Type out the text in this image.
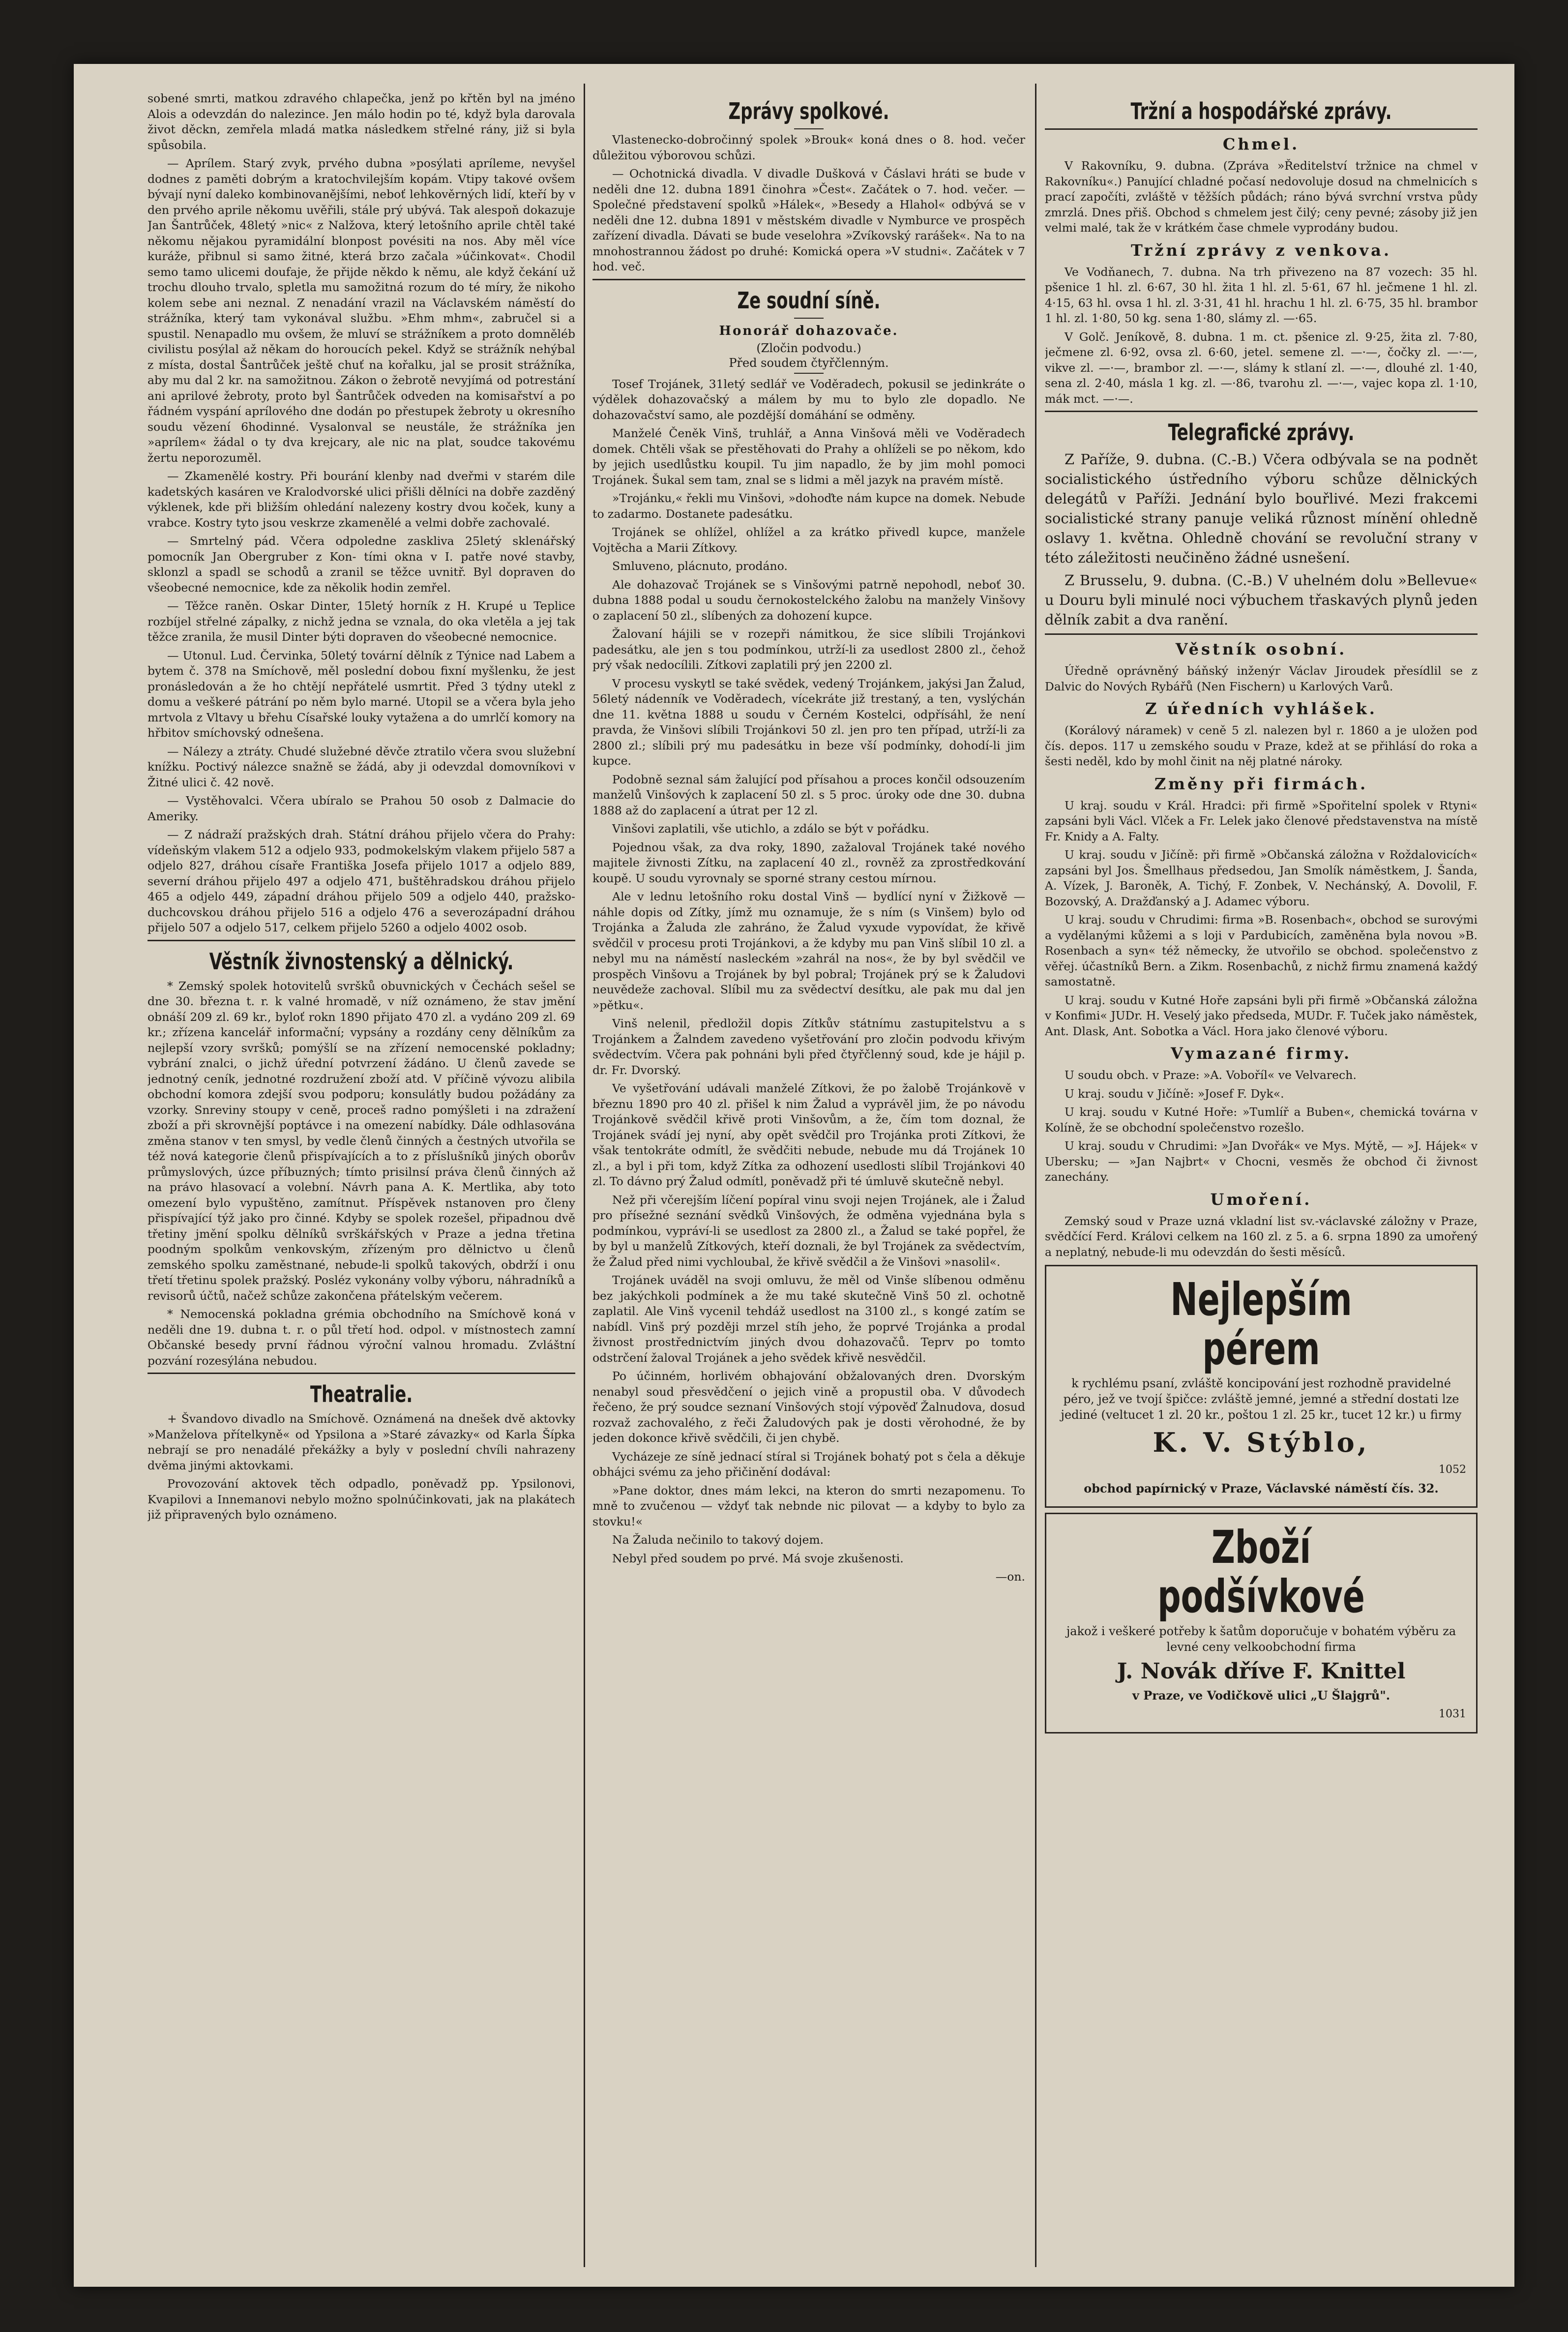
sobené smrti, matkou zdravého chlapečka, jenž po křtěn byl na jméno Alois a odevzdán do nalezince. Jen málo hodin po té, když byla darovala život děckn, zemřela mladá matka následkem střelné rány, již si byla spůsobila.

— Aprílem. Starý zvyk, prvého dubna »posýlati apríleme, nevyšel dodnes z paměti dobrým a kratochvilejším kopám. Vtipy takové ovšem bývají nyní daleko kombinovanějšími, neboť lehkověrných lidí, kteří by v den prvého aprile někomu uvěřili, stále prý ubývá. Tak alespoň dokazuje Jan Šantrůček, 48letý »nic« z Nalžova, který letošního aprile chtěl také někomu nějakou pyramidální blonpost povésiti na nos. Aby měl více kuráže, přibnul si samo žitné, která brzo začala »účinkovat«. Chodil semo tamo ulicemi doufaje, že přijde někdo k němu, ale když čekání už trochu dlouho trvalo, spletla mu samožitná rozum do té míry, že nikoho kolem sebe ani neznal. Z nenadání vrazil na Václavském náměstí do strážníka, který tam vykonával službu. »Ehm mhm«, zabručel si a spustil. Nenapadlo mu ovšem, že mluví se strážníkem a proto domněléb civilistu posýlal až někam do horoucích pekel. Když se strážník nehýbal z místa, dostal Šantrůček ještě chuť na kořalku, jal se prosit strážníka, aby mu dal 2 kr. na samožitnou. Zákon o žebrotě nevyjímá od potrestání ani aprilové žebroty, proto byl Šantrůček odveden na komisařství a po řádném vyspání aprílového dne dodán po přestupek žebroty u okresního soudu vězení 6hodinné. Vysalonval se neustále, že strážníka jen »aprílem« žádal o ty dva krejcary, ale nic na plat, soudce takovému žertu neporozuměl.

— Zkamenělé kostry. Při bourání klenby nad dveřmi v starém dile kadetských kasáren ve Kralodvorské ulici přišli dělníci na dobře zazděný výklenek, kde při bližším ohledání nalezeny kostry dvou koček, kuny a vrabce. Kostry tyto jsou veskrze zkamenělé a velmi dobře zachovalé.

— Smrtelný pád. Včera odpoledne zaskliva 25letý sklenářský pomocník Jan Obergruber z Kon- tími okna v I. patře nové stavby, sklonzl a spadl se schodů a zranil se těžce uvnitř. Byl dopraven do všeobecné nemocnice, kde za několik hodin zemřel.

— Těžce raněn. Oskar Dinter, 15letý horník z H. Krupé u Teplice rozbíjel střelné zápalky, z nichž jedna se vznala, do oka vletěla a jej tak těžce zranila, že musil Dinter býti dopraven do všeobecné nemocnice.

— Utonul. Lud. Červinka, 50letý tovární dělník z Týnice nad Labem a bytem č. 378 na Smíchově, měl poslední dobou fixní myšlenku, že jest pronásledován a že ho chtějí nepřátelé usmrtit. Před 3 týdny utekl z domu a veškeré pátrání po něm bylo marné. Utopil se a včera byla jeho mrtvola z Vltavy u břehu Císařské louky vytažena a do umrlčí komory na hřbitov smíchovský odnešena.

— Nálezy a ztráty. Chudé služebné děvče ztratilo včera svou služební knížku. Poctivý nálezce snažně se žádá, aby ji odevzdal domovníkovi v Žitné ulici č. 42 nově.

— Vystěhovalci. Včera ubíralo se Prahou 50 osob z Dalmacie do Ameriky.

— Z nádraží pražských drah. Státní dráhou přijelo včera do Prahy: vídeňským vlakem 512 a odjelo 933, podmokelským vlakem přijelo 587 a odjelo 827, dráhou císaře Františka Josefa přijelo 1017 a odjelo 889, severní dráhou přijelo 497 a odjelo 471, buštěhradskou dráhou přijelo 465 a odjelo 449, západní dráhou přijelo 509 a odjelo 440, pražsko-duchcovskou dráhou přijelo 516 a odjelo 476 a severozápadní dráhou přijelo 507 a odjelo 517, celkem přijelo 5260 a odjelo 4002 osob.

Věstník živnostenský a dělnický.

* Zemský spolek hotovitelů svršků obuvnických v Čechách sešel se dne 30. března t. r. k valné hromadě, v níž oznámeno, že stav jmění obnáší 209 zl. 69 kr., byloť rokn 1890 přijato 470 zl. a vydáno 209 zl. 69 kr.; zřízena kancelář informační; vypsány a rozdány ceny dělníkům za nejlepší vzory svršků; pomýšlí se na zřízení nemocenské pokladny; vybrání znalci, o jichž úřední potvrzení žádáno. U členů zavede se jednotný ceník, jednotné rozdružení zboží atd. V příčině vývozu alibila obchodní komora zdejší svou podporu; konsulátly budou požádány za vzorky. Snreviny stoupy v ceně, proceš radno pomýšleti i na zdražení zboží a při skrovnější poptávce i na omezení nabídky. Dále odhlasována změna stanov v ten smysl, by vedle členů činných a čestných utvořila se též nová kategorie členů přispívajících a to z příslušníků jiných oborův průmyslových, úzce příbuzných; tímto prisilnsí práva členů činných až na právo hlasovací a volební. Návrh pana A. K. Mertlika, aby toto omezení bylo vypuštěno, zamítnut. Příspěvek nstanoven pro členy přispívající týž jako pro činné. Kdyby se spolek rozešel, připadnou dvě třetiny jmění spolku dělníků svrškářských v Praze a jedna třetina poodným spolkům venkovským, zřízeným pro dělnictvo u členů zemského spolku zaměstnané, nebude-li spolků takových, obdrží i onu třetí třetinu spolek pražský. Posléz vykonány volby výboru, náhradníků a revisorů účtů, načež schůze zakončena přátelským večerem.

* Nemocenská pokladna grémia obchodního na Smíchově koná v neděli dne 19. dubna t. r. o půl třetí hod. odpol. v místnostech zamní Občanské besedy první řádnou výroční valnou hromadu. Zvláštní pozvání rozesýlána nebudou.

Theatralie.

+ Švandovo divadlo na Smíchově. Oznámená na dnešek dvě aktovky »Manželova přítelkyně« od Ypsilona a »Staré závazky« od Karla Šípka nebrají se pro nenadálé překážky a byly v poslední chvíli nahrazeny dvěma jinými aktovkami.

Provozování aktovek těch odpadlo, poněvadž pp. Ypsilonovi, Kvapilovi a Innemanovi nebylo možno spolnúčinkovati, jak na plakátech již připravených bylo oznámeno.

Zprávy spolkové.

Vlastenecko-dobročinný spolek »Brouk« koná dnes o 8. hod. večer důležitou výborovou schůzi.

— Ochotnická divadla. V divadle Dušková v Čáslavi hráti se bude v neděli dne 12. dubna 1891 činohra »Čest«. Začátek o 7. hod. večer. — Společné představení spolků »Hálek«, »Besedy a Hlahol« odbývá se v neděli dne 12. dubna 1891 v městském divadle v Nymburce ve prospěch zařízení divadla. Dávati se bude veselohra »Zvíkovský rarášek«. Na to na mnohostrannou žádost po druhé: Komická opera »V studni«. Začátek v 7 hod. več.

Ze soudní síně.
Honorář dohazovače.
(Zločin podvodu.)
Před soudem čtyřčlenným.

Tosef Trojánek, 31letý sedlář ve Voděradech, pokusil se jedinkráte o výdělek dohazovačský a málem by mu to bylo zle dopadlo. Ne dohazovačství samo, ale pozdější domáhání se odměny.

Manželé Čeněk Vinš, truhlář, a Anna Vinšová měli ve Voděradech domek. Chtěli však se přestěhovati do Prahy a ohlíželi se po někom, kdo by jejich usedlůstku koupil. Tu jim napadlo, že by jim mohl pomoci Trojánek. Šukal sem tam, znal se s lidmi a měl jazyk na pravém místě.

»Trojánku,« řekli mu Vinšovi, »dohoďte nám kupce na domek. Nebude to zadarmo. Dostanete padesátku.

Trojánek se ohlížel, ohlížel a za krátko přivedl kupce, manžele Vojtěcha a Marii Zítkovy.

Smluveno, plácnuto, prodáno.

Ale dohazovač Trojánek se s Vinšovými patrně nepohodl, neboť 30. dubna 1888 podal u soudu černokostelckého žalobu na manžely Vinšovy o zaplacení 50 zl., slíbených za dohození kupce.

Žalovaní hájili se v rozepři námitkou, že sice slíbili Trojánkovi padesátku, ale jen s tou podmínkou, utrží-li za usedlost 2800 zl., čehož prý však nedocílili. Zítkovi zaplatili prý jen 2200 zl.

V procesu vyskytl se také svědek, vedený Trojánkem, jakýsi Jan Žalud, 56letý nádenník ve Voděradech, vícekráte již trestaný, a ten, vyslýchán dne 11. května 1888 u soudu v Černém Kostelci, odpřísáhl, že není pravda, že Vinšovi slíbili Trojánkovi 50 zl. jen pro ten případ, utrží-li za 2800 zl.; slíbili prý mu padesátku in beze vší podmínky, dohodí-li jim kupce.

Podobně seznal sám žalující pod přísahou a proces končil odsouzením manželů Vinšových k zaplacení 50 zl. s 5 proc. úroky ode dne 30. dubna 1888 až do zaplacení a útrat per 12 zl.

Vinšovi zaplatili, vše utichlo, a zdálo se být v pořádku.

Pojednou však, za dva roky, 1890, zažaloval Trojánek také nového majitele živnosti Zítku, na zaplacení 40 zl., rovněž za zprostředkování koupě. U soudu vyrovnaly se sporné strany cestou mírnou.

Ale v lednu letošního roku dostal Vinš — bydlící nyní v Žižkově — náhle dopis od Zítky, jímž mu oznamuje, že s ním (s Vinšem) bylo od Trojánka a Žaluda zle zahráno, že Žalud vyxude vypovídat, že křivě svědčil v procesu proti Trojánkovi, a že kdyby mu pan Vinš slíbil 10 zl. a nebyl mu na náměstí nasleckém »zahrál na nos«, že by byl svědčil ve prospěch Vinšovu a Trojánek by byl pobral; Trojánek prý se k Žaludovi neuvědeže zachoval. Slíbil mu za svědectví desítku, ale pak mu dal jen »pětku«.

Vinš nelenil, předložil dopis Zítkův státnímu zastupitelstvu a s Trojánkem a Žalndem zavedeno vyšetřování pro zločin podvodu křivým svědectvím. Včera pak pohnáni byli před čtyřčlenný soud, kde je hájil p. dr. Fr. Dvorský.

Ve vyšetřování udávali manželé Zítkovi, že po žalobě Trojánkově v březnu 1890 pro 40 zl. přišel k nim Žalud a vyprávěl jim, že po návodu Trojánkově svědčil křivě proti Vinšovům, a že, čím tom doznal, že Trojánek svádí jej nyní, aby opět svědčil pro Trojánka proti Zítkovi, že však tentokráte odmítl, že svědčiti nebude, nebude mu dá Trojánek 10 zl., a byl i při tom, když Zítka za odhození usedlosti slíbil Trojánkovi 40 zl. To dávno prý Žalud odmítl, poněvadž při té úmluvě skutečně nebyl.

Než při včerejším líčení popíral vinu svoji nejen Trojánek, ale i Žalud pro přísežné seznání svědků Vinšových, že odměna vyjednána byla s podmínkou, vypráví-li se usedlost za 2800 zl., a Žalud se také popřel, že by byl u manželů Zítkových, kteří doznali, že byl Trojánek za svědectvím, že Žalud před nimi vychloubal, že křivě svědčil a že Vinšovi »nasolil«.

Trojánek uváděl na svoji omluvu, že měl od Vinše slíbenou odměnu bez jakýchkoli podmínek a že mu také skutečně Vinš 50 zl. ochotně zaplatil. Ale Vinš vycenil tehdáž usedlost na 3100 zl., s kongé zatím se nabídl. Vinš prý později mrzel stíh jeho, že poprvé Trojánka a prodal živnost prostřednictvím jiných dvou dohazovačů. Teprv po tomto odstrčení žaloval Trojánek a jeho svědek křivě nesvědčil.

Po účinném, horlivém obhajování obžalovaných dren. Dvorským nenabyl soud přesvědčení o jejich vině a propustil oba. V důvodech řečeno, že prý soudce seznaní Vinšových stojí výpověď Žalnudova, dosud rozvaž zachovalého, z řeči Žaludových pak je dosti věrohodné, že by jeden dokonce křivě svědčili, či jen chybě.

Vycházeje ze síně jednací stíral si Trojánek bohatý pot s čela a děkuje obhájci svému za jeho přičinění dodával:

»Pane doktor, dnes mám lekci, na kteron do smrti nezapomenu. To mně to zvučenou — vždyť tak nebnde nic pilovat — a kdyby to bylo za stovku!«

Na Žaluda nečinilo to takový dojem.

Nebyl před soudem po prvé. Má svoje zkušenosti.

—on.

Tržní a hospodářské zprávy.
Chmel.

V Rakovníku, 9. dubna. (Zpráva »Ředitelství tržnice na chmel v Rakovníku«.) Panující chladné počasí nedovoluje dosud na chmelnicích s prací započíti, zvláště v těžších půdách; ráno bývá svrchní vrstva půdy zmrzlá. Dnes přiš. Obchod s chmelem jest čilý; ceny pevné; zásoby již jen velmi malé, tak že v krátkém čase chmele vyprodány budou.

Tržní zprávy z venkova.

Ve Vodňanech, 7. dubna. Na trh přivezeno na 87 vozech: 35 hl. pšenice 1 hl. zl. 6·67, 30 hl. žita 1 hl. zl. 5·61, 67 hl. ječmene 1 hl. zl. 4·15, 63 hl. ovsa 1 hl. zl. 3·31, 41 hl. hrachu 1 hl. zl. 6·75, 35 hl. brambor 1 hl. zl. 1·80, 50 kg. sena 1·80, slámy zl. —·65.

V Golč. Jeníkově, 8. dubna. 1 m. ct. pšenice zl. 9·25, žita zl. 7·80, ječmene zl. 6·92, ovsa zl. 6·60, jetel. semene zl. —·—, čočky zl. —·—, vikve zl. —·—, brambor zl. —·—, slámy k stlaní zl. —·—, dlouhé zl. 1·40, sena zl. 2·40, másla 1 kg. zl. —·86, tvarohu zl. —·—, vajec kopa zl. 1·10, mák mct. —·—.

Telegrafické zprávy.

Z Paříže, 9. dubna. (C.-B.) Včera odbývala se na podnět socialistického ústředního výboru schůze dělnických delegátů v Paříži. Jednání bylo bouřlivé. Mezi frakcemi socialistické strany panuje veliká různost mínění ohledně oslavy 1. května. Ohledně chování se revoluční strany v této záležitosti neučiněno žádné usnešení.

Z Brusselu, 9. dubna. (C.-B.) V uhelném dolu »Bellevue« u Douru byli minulé noci výbuchem třaskavých plynů jeden dělník zabit a dva ranění.

Věstník osobní.

Úředně oprávněný báňský inženýr Václav Jiroudek přesídlil se z Dalvic do Nových Rybářů (Nen Fischern) u Karlových Varů.

Z úředních vyhlášek.

(Korálový náramek) v ceně 5 zl. nalezen byl r. 1860 a je uložen pod čís. depos. 117 u zemského soudu v Praze, kdež at se přihlásí do roka a šesti neděl, kdo by mohl činit na něj platné nároky.

Změny při firmách.

U kraj. soudu v Král. Hradci: při firmě »Spořitelní spolek v Rtyni« zapsáni byli Václ. Vlček a Fr. Lelek jako členové představenstva na místě Fr. Knidy a A. Falty.

U kraj. soudu v Jičíně: při firmě »Občanská záložna v Roždalovicích« zapsáni byl Jos. Šmellhaus předsedou, Jan Smolík náměstkem, J. Šanda, A. Vízek, J. Baroněk, A. Tichý, F. Zonbek, V. Nechánský, A. Dovolil, F. Bozovský, A. Dražďanský a J. Adamec výboru.

U kraj. soudu v Chrudimi: firma »B. Rosenbach«, obchod se surovými a vydělanými kůžemi a s loji v Pardubicích, zaměněna byla novou »B. Rosenbach a syn« též německy, že utvořilo se obchod. společenstvo z věřej. účastníků Bern. a Zikm. Rosenbachů, z nichž firmu znamená každý samostatně.

U kraj. soudu v Kutné Hoře zapsáni byli při firmě »Občanská záložna v Konfimi« JUDr. H. Veselý jako předseda, MUDr. F. Tuček jako náměstek, Ant. Dlask, Ant. Sobotka a Václ. Hora jako členové výboru.

Vymazané firmy.

U soudu obch. v Praze: »A. Voboříl« ve Velvarech.

U kraj. soudu v Jičíně: »Josef F. Dyk«.

U kraj. soudu v Kutné Hoře: »Tumlíř a Buben«, chemická továrna v Kolíně, že se obchodní společenstvo rozešlo.

U kraj. soudu v Chrudimi: »Jan Dvořák« ve Mys. Mýtě, — »J. Hájek« v Ubersku; — »Jan Najbrt« v Chocni, vesměs že obchod či živnost zanechány.

Umoření.

Zemský soud v Praze uzná vkladní list sv.-václavské záložny v Praze, svědčící Ferd. Královi celkem na 160 zl. z 5. a 6. srpna 1890 za umořený a neplatný, nebude-li mu odevzdán do šesti měsíců.

Nejlepším pérem

k rychlému psaní, zvláště koncipování jest rozhodně pravidelné péro, jež ve tvojí špičce: zvláště jemné, jemné a střední dostati lze jediné (veltucet 1 zl. 20 kr., poštou 1 zl. 25 kr., tucet 12 kr.) u firmy

K. V. Stýblo,

1052

obchod papírnický v Praze, Václavské náměstí čís. 32.

Zboží podšívkové

jakož i veškeré potřeby k šatům doporučuje v bohatém výběru za levné ceny velkoobchodní firma

J. Novák dříve F. Knittel

v Praze, ve Vodičkově ulici „U Šlajgrů".

1031
